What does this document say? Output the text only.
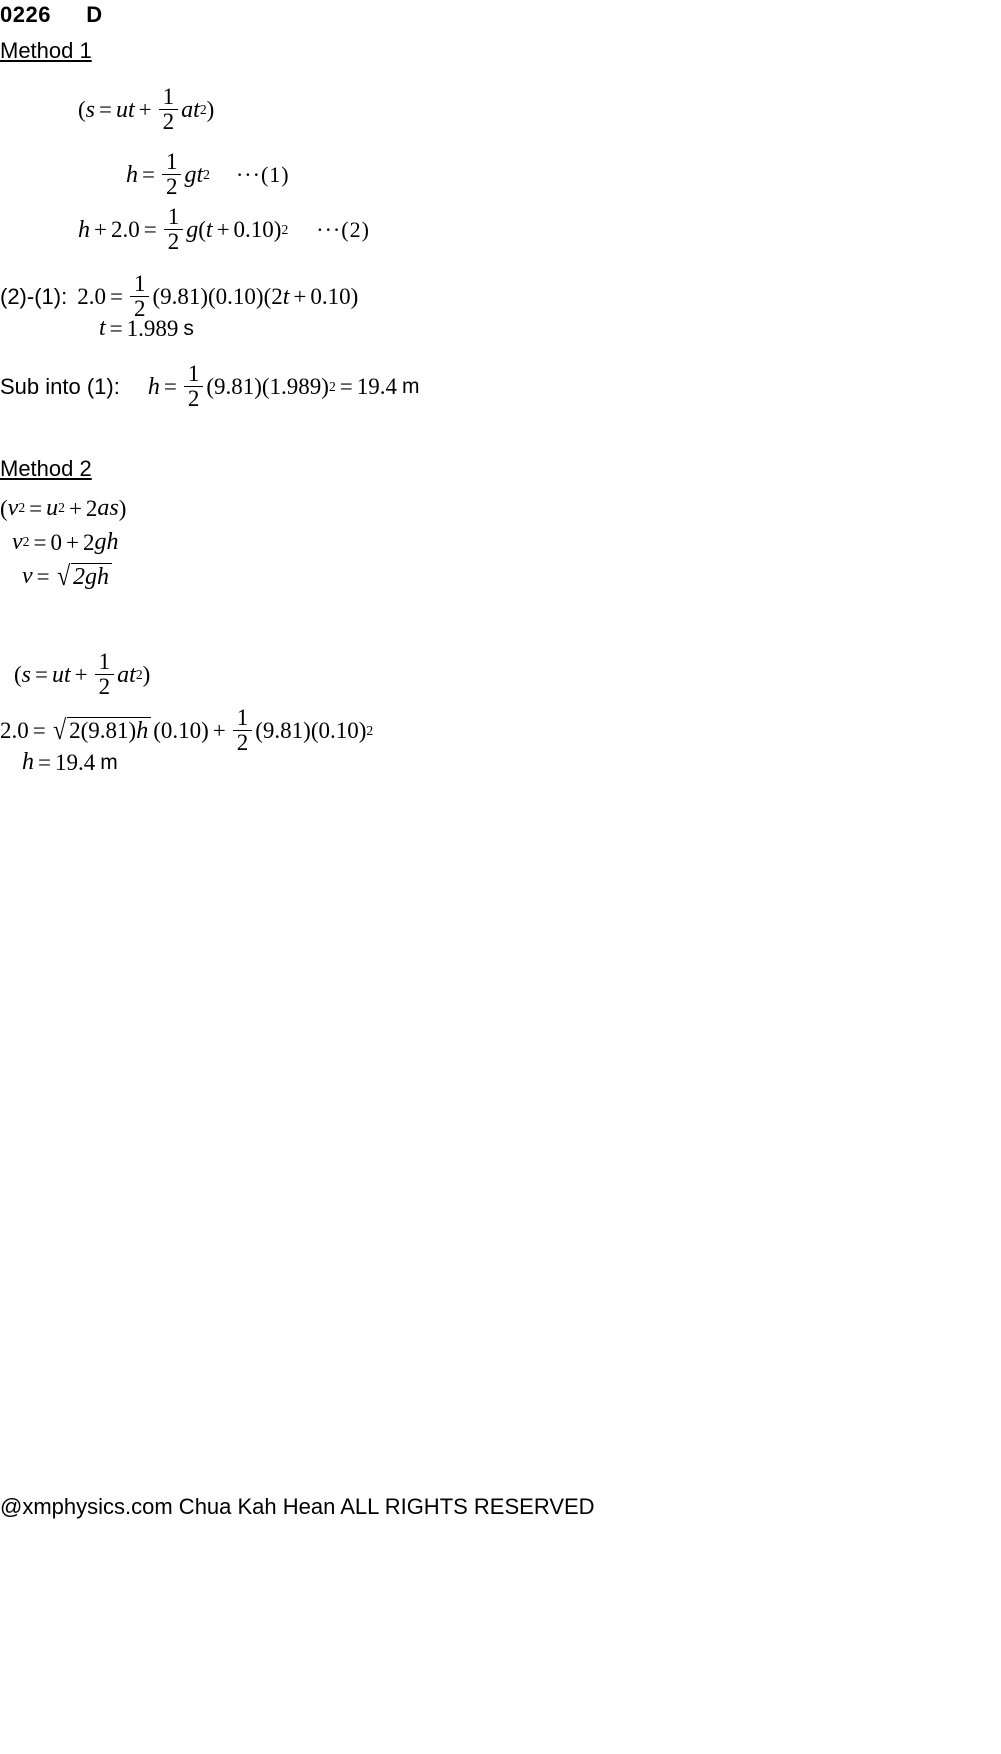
0226 D
Method 1
( s = ut + $\frac{1}{2}$ at 2 )
$h = \frac{1}{2}$ gt 2 ···(1)
$h + 2.0 = \frac{1}{2}$ g ( t + 0.10) 2 ···(2)
(2)-(1): $2.0 = \frac{1}{2} (9.81)(0.10)(2$ t + 0.10)
t = 1.989 s
Sub into (1): $h = \frac{1}{2} (9.81)(1.989) 2 = 19.4$ m
Method 2
( v 2 = u 2 + 2 as )
v 2 = 0 + 2 gh
v = √ 2gh
( s = ut + $\frac{1}{2}$ at 2 )
2.0 = √ 2(9.81)h $(0.10) + \frac{1}{2} (9.81)(0.10)$ 2
h = 19.4 m
@xmphysics.com Chua Kah Hean ALL RIGHTS RESERVED
